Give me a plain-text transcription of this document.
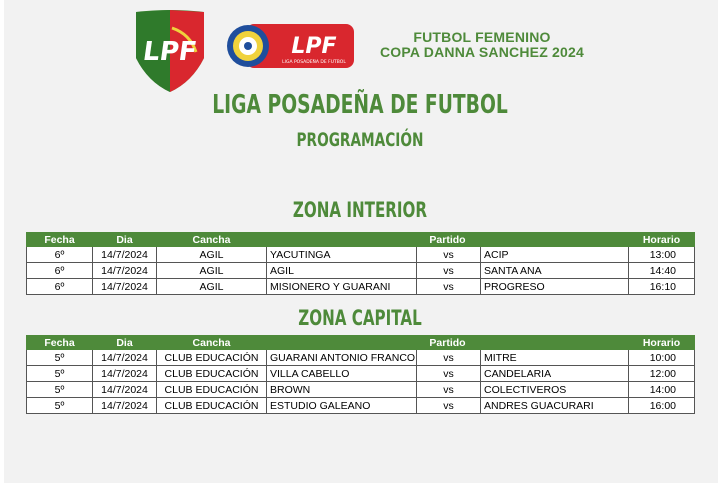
LPF	LPF
LIGA POSADEÑA DE FUTBOL
FUTBOL FEMENINO
COPA DANNA SANCHEZ 2024
LIGA POSADEÑA DE FUTBOL
PROGRAMACIÓN
ZONA INTERIOR
Fecha	Dia	Cancha	Partido			Horario
6º	14/7/2024	AGIL	YACUTINGA	vs	ACIP	13:00
6º	14/7/2024	AGIL	AGIL	vs	SANTA ANA	14:40
6º	14/7/2024	AGIL	MISIONERO Y GUARANI	vs	PROGRESO	16:10
ZONA CAPITAL
Fecha	Dia	Cancha	Partido			Horario
5º	14/7/2024	CLUB EDUCACIÓN	GUARANI ANTONIO FRANCO	vs	MITRE	10:00
5º	14/7/2024	CLUB EDUCACIÓN	VILLA CABELLO	vs	CANDELARIA	12:00
5º	14/7/2024	CLUB EDUCACIÓN	BROWN	vs	COLECTIVEROS	14:00
5º	14/7/2024	CLUB EDUCACIÓN	ESTUDIO GALEANO	vs	ANDRES GUACURARI	16:00
